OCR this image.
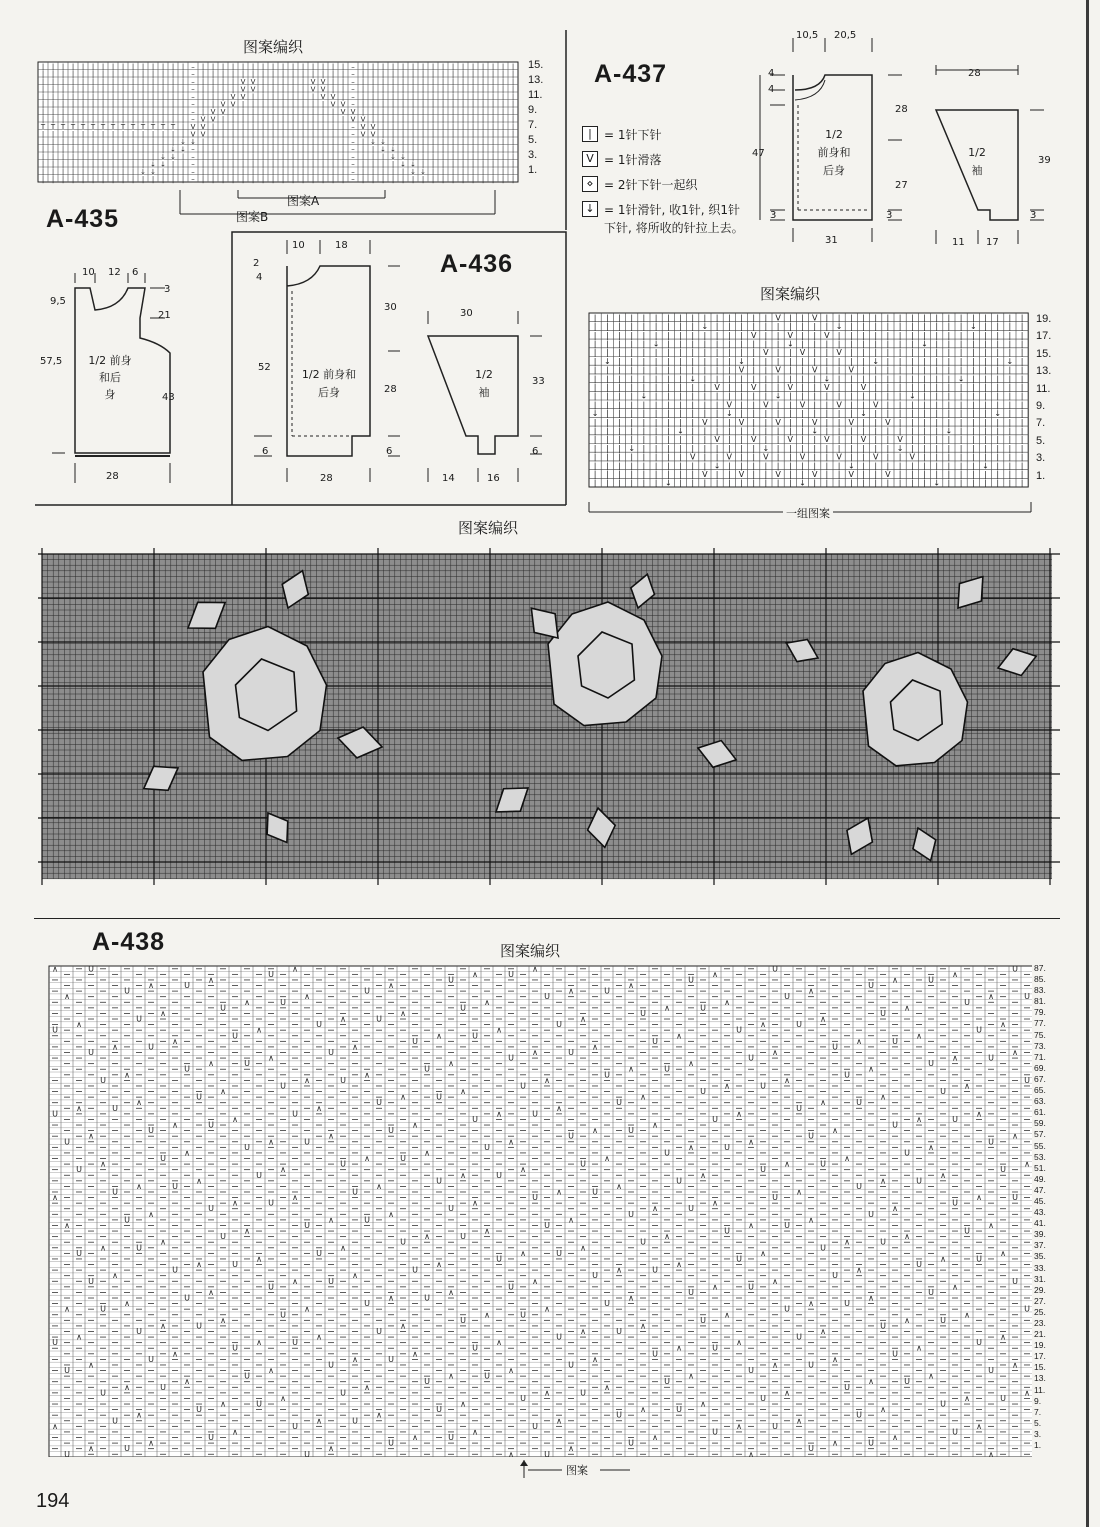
图案编织
| | | | | | | | | | | | | | | – | | | | | | | | | | | | | | | – | | | | | | | | | | | | | | | |
| | | | | | | | | | | | | | | – | | | | | | | | | | | | | | | – | | | | | | | | | | | | | | | |
| | | | | | | | | | | | | | | – | | | | V V | | | | | V V | | – | | | | | | | | | | | | | | | |
| | | | | | | | | | | | | | | – | | | | V V | | | | | V V | | – | | | | | | | | | | | | | | | |
| | | | | | | | | | | | | | | – | | | V V | | | | | | | V V | – | | | | | | | | | | | | | | | |
| | | | | | | | | | | | | | | – | | V V | | | | | | | | | V V – | | | | | | | | | | | | | | | |
| | | | | | | | | | | | | | | – | V V | | | | | | | | | | | V V | | | | | | | | | | | | | | | |
| | | | | | | | | | | | | | | – V V | | | | | | | | | | | | | V V | | | | | | | | | | | | | | |
T T T T T T T T T T T T T T | V V | | | | | | | | | | | | | | – V V | | | | | | | | | | | | | |
| | | | | | | | | | | | | | | V V | | | | | | | | | | | | | | – V V | | | | | | | | | | | | | |
| | | | | | | | | | | | | | ↓ ↓ | | | | | | | | | | | | | | | – | ↓ ↓ | | | | | | | | | | | | |
| | | | | | | | | | | | | ↓ ↓ – | | | | | | | | | | | | | | | – | | ↓ ↓ | | | | | | | | | | | |
| | | | | | | | | | | | ↓ ↓ | – | | | | | | | | | | | | | | | – | | | ↓ ↓ | | | | | | | | | | |
| | | | | | | | | | | ↓ ↓ | | – | | | | | | | | | | | | | | | – | | | | ↓ ↓ | | | | | | | | | |
| | | | | | | | | | ↓ ↓ | | | – | | | | | | | | | | | | | | | – | | | | | ↓ ↓ | | | | | | | | |
| | | | | | | | | | | | | | | – | | | | | | | | | | | | | | | – | | | | | | | | | | | | | | | |
15.
13.
11.
9.
7.
5.
3.
1.
图案A
图案B
A-435
10 12 6
9,5
57,5
3
21
43
28
1/2 前身
和后
身
A-436
10	18
2
4
52
30
28
6	6
28
30
33
6
14	16
1/2 前身和
后身
1/2
袖
A-437
|	= 1针下针
V = 1针滑落
⋄ = 2针下针一起织
↓ = 1针滑针, 收1针, 织1针下针, 将所收的针拉上去。
10,5 20,5
4
4
47
28
27
3	3
31
28
39
3
11 17
1/2
前身和
后身
1/2
袖
图案编织
| | | | | | | | | | | | | | | V | | V | | | | | | | | | | | | | | | | |
| | | | | | | | | ↓ | | | | | | | | | | ↓ | | | | | | | | | | ↓ | | | |
| | | | | | | | | | | | | V | | V | | V | | | | | | | | | | | | | | | |
| | | | | ↓ | | | | | | | | | | ↓ | | | | | | | | | | ↓ | | | | | | | |
| | | | | | | | | | | | | | V | | V | | V | | | | | | | | | | | | | | |
| ↓ | | | | | | | | | | ↓ | | | | | | | | | | ↓ | | | | | | | | | | ↓ |
| | | | | | | | | | | | V | | V | | V | | V | | | | | | | | | | | | | |
| | | | | | | | ↓ | | | | | | | | | | ↓ | | | | | | | | | | ↓ | | | | |
| | | | | | | | | | V | | V | | V | | V | | V | | | | | | | | | | | | |
| | | | ↓ | | | | | | | | | | ↓ | | | | | | | | | | ↓ | | | | | | | | |
| | | | | | | | | | | V | | V | | V | | V | | V | | | | | | | | | | | |
↓ | | | | | | | | | | ↓ | | | | | | | | | | ↓ | | | | | | | | | | ↓ | |
| | | | | | | | | V | | V | | V | | V | | V | | V | | | | | | | | | | |
| | | | | | | ↓ | | | | | | | | | | ↓ | | | | | | | | | | ↓ | | | | | |
| | | | | | | | | | V | | V | | V | | V | | V | | V | | | | | | | | | |
| | | ↓ | | | | | | | | | | ↓ | | | | | | | | | | ↓ | | | | | | | | | |
| | | | | | | | V | | V | | V | | V | | V | | V | | V | | | | | | | | |
| | | | | | | | | | ↓ | | | | | | | | | | ↓ | | | | | | | | | | ↓ | | |
| | | | | | | | | V | | V | | V | | V | | V | | V | | | | | | | | | | |
| | | | | | ↓ | | | | | | | | | | ↓ | | | | | | | | | | ↓ | | | | | | |
19.
17.
15.
13.
11.
9.
7.
5.
3.
1.
一组图案
图案编织
A-438	图案编织
∧	U	∧	∧	U	U
U	∧	U	∧	∧
∧	U	U	∧	U
∧	U	∧	∧	U
U	U	∧	U	∧
∧	∧	U	U	∧	U
∧	U	∧	∧	U
U	U	∧	U	∧
∧	∧	U	U
U	∧	U	∧	∧
∧	U	U	∧	U	∧
U	∧	∧	U	U
U	∧	U	∧	∧
∧	U	U	∧	U
∧	U	∧	∧	U
U	U	∧	U	∧	∧
∧	U	U	∧	U
∧	U	∧	∧	U
U	U	∧	U	∧
∧	∧	U	U
U	∧	U	∧	∧	U
U	U	∧	U	∧
∧	∧	U	U
U	∧	U	∧	∧
∧	U	U	∧	U
∧	U	∧	∧	U
U	U	∧	U	∧	∧
∧	U	U	∧	U
∧	U	∧	∧	U
U	U	∧	U	∧
∧	∧	U	U	∧
U	∧	U	∧	∧	U
U	U	∧	U	∧
∧	∧	U	U
U	∧	U	∧	∧
∧	U	U	∧	U	∧
U	∧	∧	U	U
U	∧	U	∧	∧
∧	U	U	∧	U
∧	U	∧	∧	U
U	U	∧	U	∧
∧	∧	U	U	∧	U
∧	U	∧	∧	U
U	U	∧	U	∧
∧	∧	U	U
U	∧	U	∧	∧
∧	U	U	∧	U	∧
∧	∧	U	U
U	∧	U	∧	∧
∧	U	U	∧	U
∧	U	∧	∧	U
U	U	∧	U	∧	∧
∧	U	U	∧	U
∧	U	∧	∧	U
U	U	∧	U	∧
∧	∧	U	U
U	∧	U	∧	∧	U
U	U	∧	U	∧
∧	∧	U	U
U	∧	U	∧	∧
∧	U	U	∧	U
∧	U	∧	∧	U	U
U	∧	U	∧	∧
∧	U	U	∧	U
∧	U	∧	∧	U
U	U	∧	U	∧
∧	∧	U	U	∧
U	∧	U	∧	∧	U
U	U	∧	U	∧
∧	∧	U	U
U	∧	U	∧	∧
∧	U	U	∧	U	∧
U	∧	∧	U	U
U	∧	U	∧	∧
∧	U	U	∧	U
∧	U	∧	∧	U
U	U	∧	U	∧	∧
∧	U	U	∧	U
∧	U	∧	∧	U
U	U	∧	U	∧
∧	∧	U	U
U	∧	U	∧	∧
∧	U	U	∧	U	∧
∧	∧	U	U
U	∧	U	∧	∧
∧	U	U	∧	U
∧	U	∧	∧	U
U	U	∧	U	∧	∧
87.
85.
83.
81.
79.
77.
75.
73.
71.
69.
67.
65.
63.
61.
59.
57.
55.
53.
51.
49.
47.
45.
43.
41.
39.
37.
35.
33.
31.
29.
27.
25.
23.
21.
19.
17.
15.
13.
11.
9.
7.
5.
3.
1.
图案
194
